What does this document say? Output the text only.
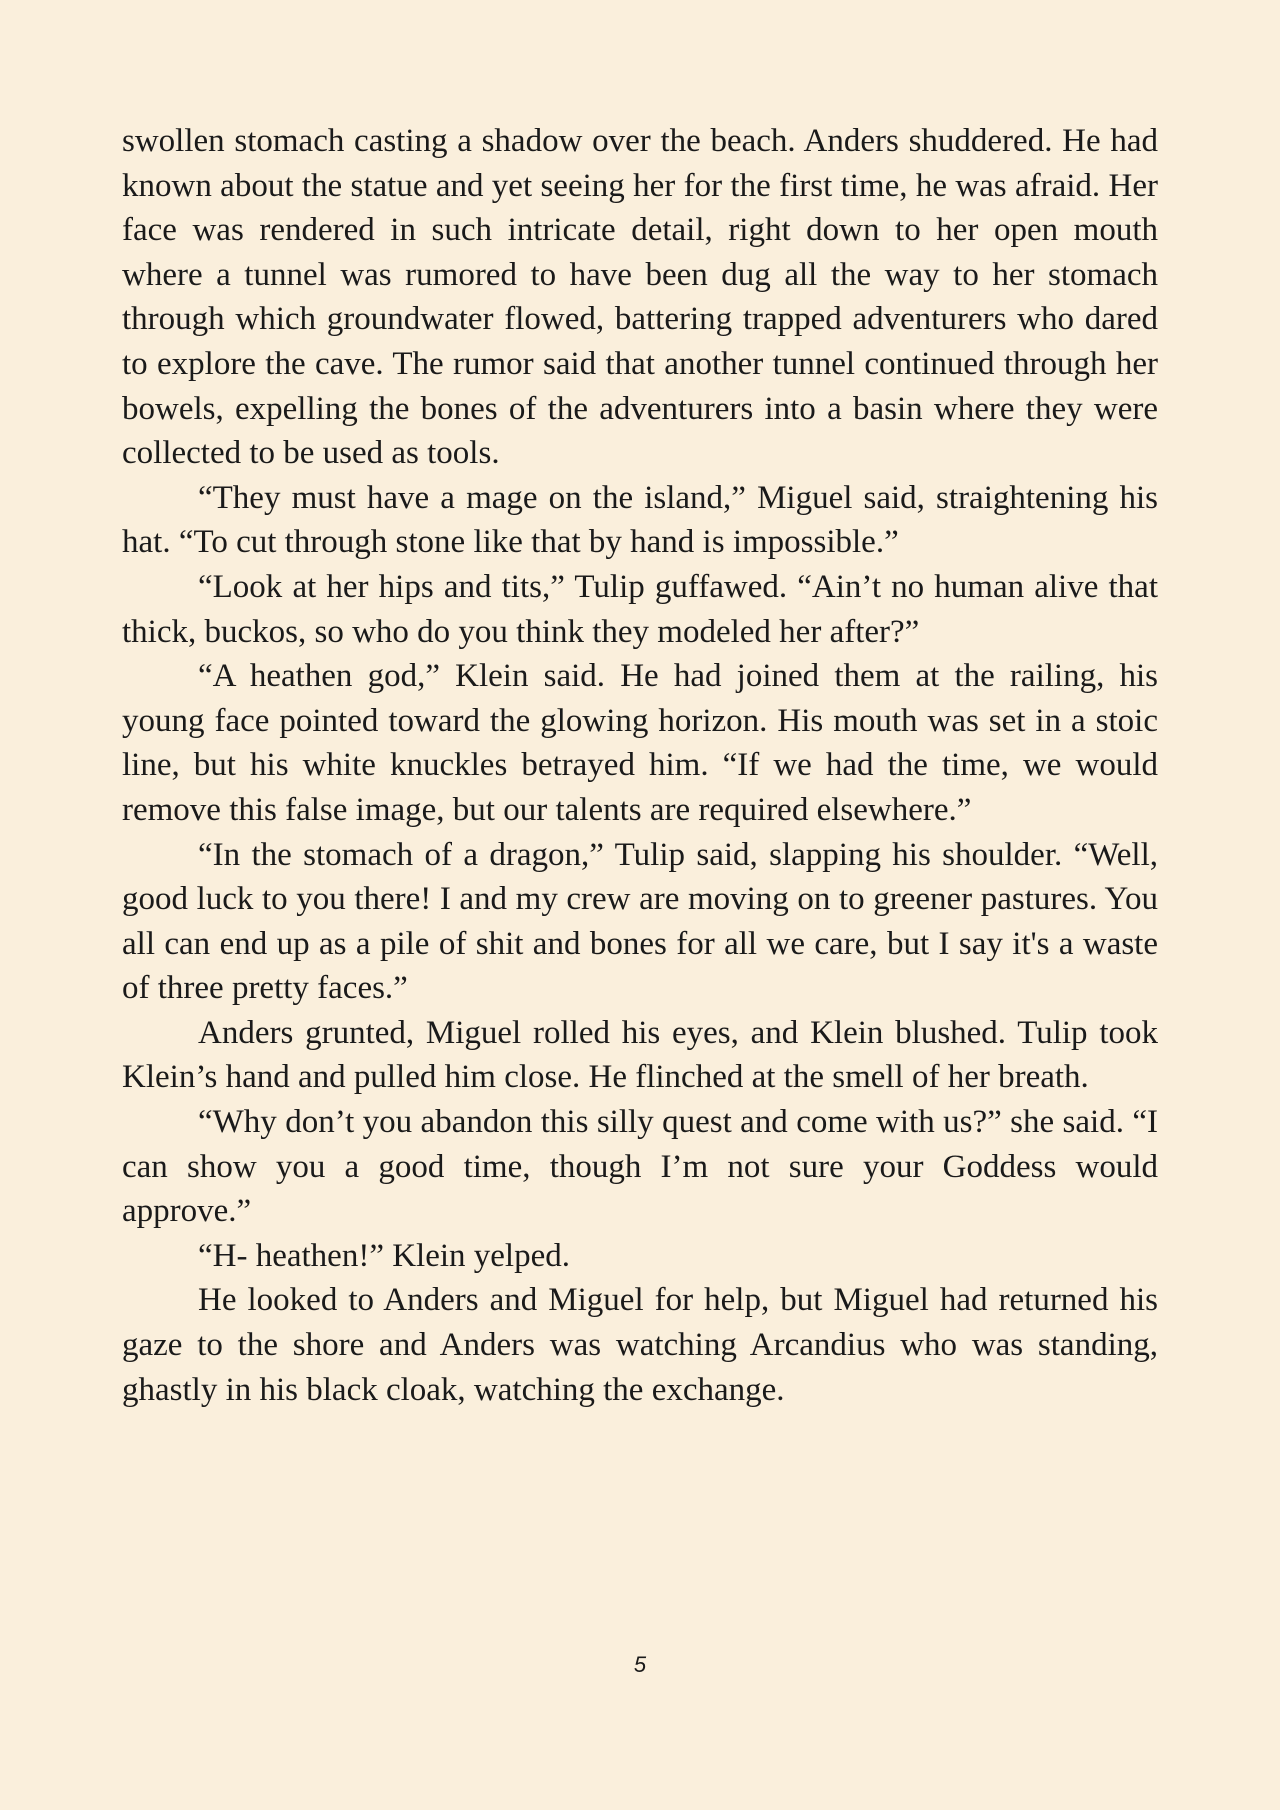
swollen stomach casting a shadow over the beach. Anders shuddered. He had known about the statue and yet seeing her for the first time, he was afraid. Her face was rendered in such intricate detail, right down to her open mouth where a tunnel was rumored to have been dug all the way to her stomach through which groundwater flowed, battering trapped adventurers who dared to explore the cave. The rumor said that another tunnel continued through her bowels, expelling the bones of the adventurers into a basin where they were collected to be used as tools.

“They must have a mage on the island,” Miguel said, straightening his hat. “To cut through stone like that by hand is impossible.”

“Look at her hips and tits,” Tulip guffawed. “Ain’t no human alive that thick, buckos, so who do you think they modeled her after?”

“A heathen god,” Klein said. He had joined them at the railing, his young face pointed toward the glowing horizon. His mouth was set in a stoic line, but his white knuckles betrayed him. “If we had the time, we would remove this false image, but our talents are required elsewhere.”

“In the stomach of a dragon,” Tulip said, slapping his shoulder. “Well, good luck to you there! I and my crew are moving on to greener pastures. You all can end up as a pile of shit and bones for all we care, but I say it's a waste of three pretty faces.”

Anders grunted, Miguel rolled his eyes, and Klein blushed. Tulip took Klein’s hand and pulled him close. He flinched at the smell of her breath.

“Why don’t you abandon this silly quest and come with us?” she said. “I can show you a good time, though I’m not sure your Goddess would approve.”

“H- heathen!” Klein yelped.

He looked to Anders and Miguel for help, but Miguel had returned his gaze to the shore and Anders was watching Arcandius who was standing, ghastly in his black cloak, watching the exchange.

5
